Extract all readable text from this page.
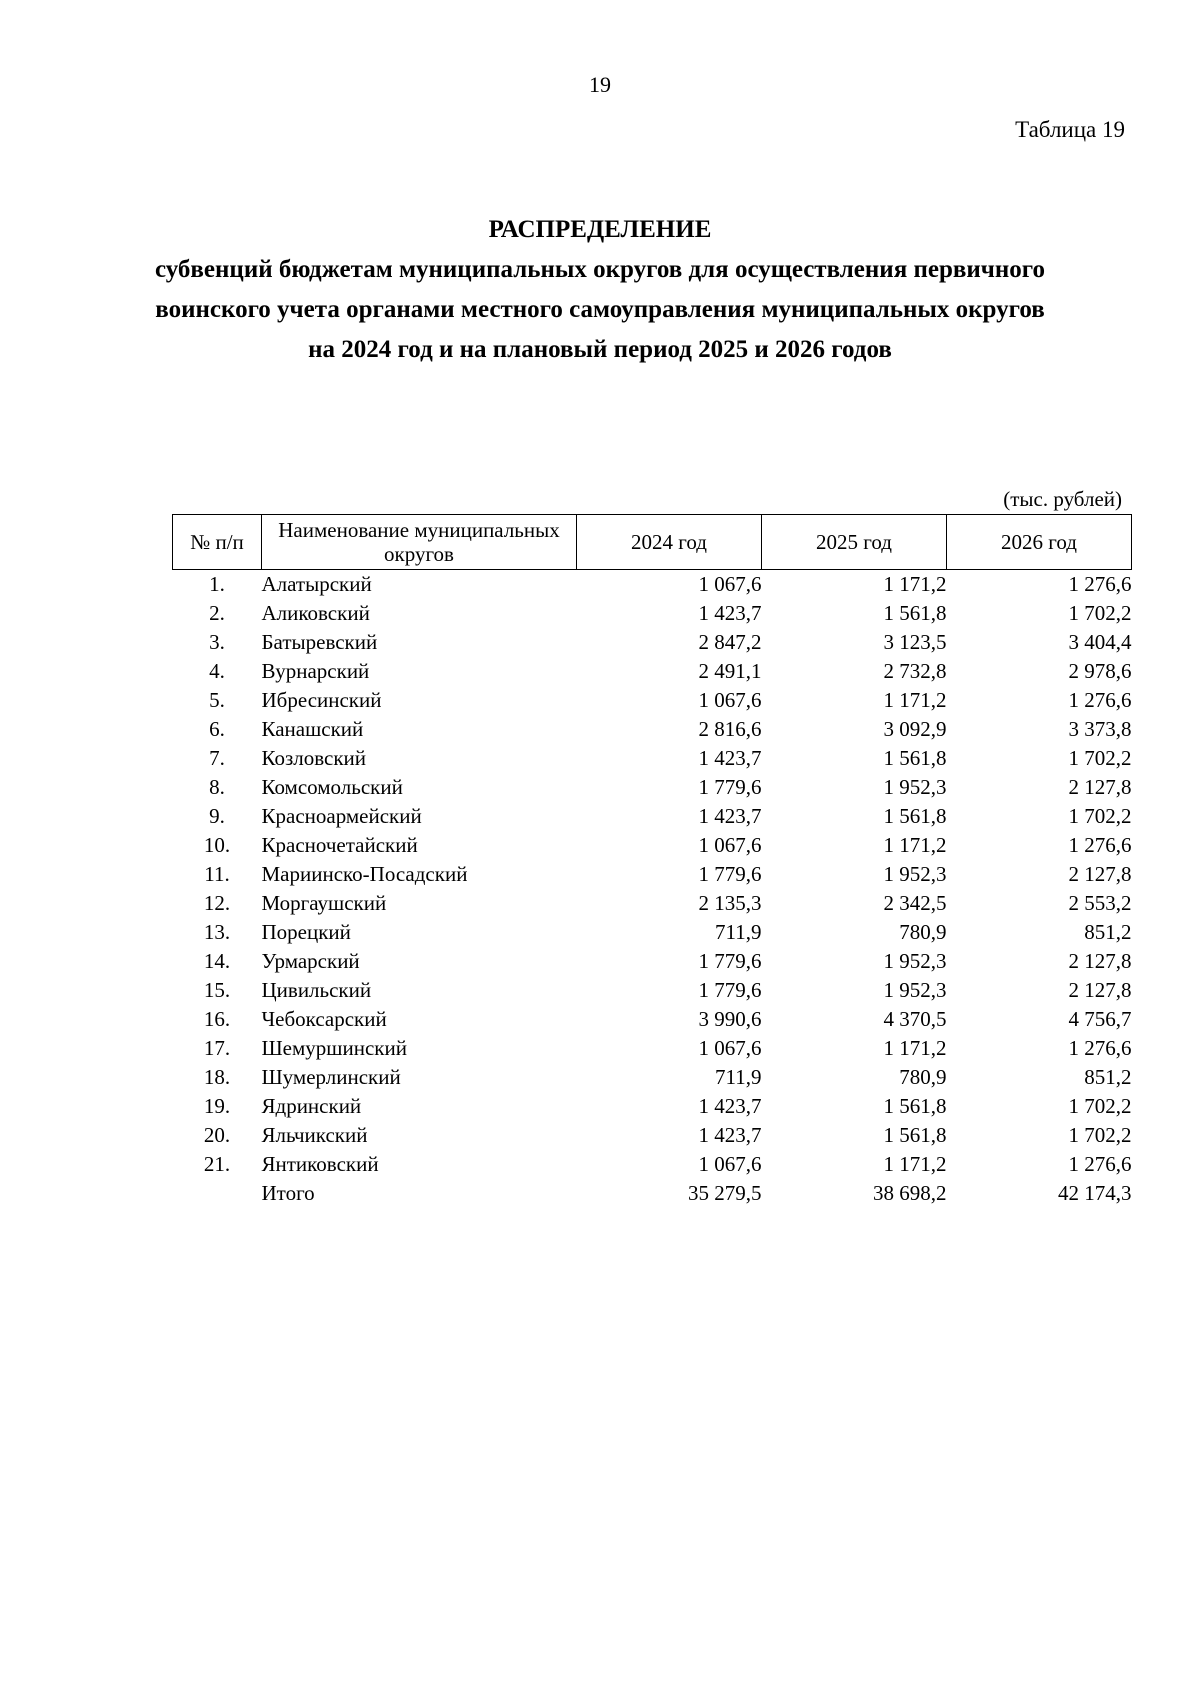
19
Таблица 19
РАСПРЕДЕЛЕНИЕ
субвенций бюджетам муниципальных округов для осуществления первичного воинского учета органами местного самоуправления муниципальных округов на 2024 год и на плановый период 2025 и 2026 годов
(тыс. рублей)
№ п/п	Наименование муниципальных округов	2024 год	2025 год	2026 год
1.	Алатырский	1 067,6	1 171,2	1 276,6
2.	Аликовский	1 423,7	1 561,8	1 702,2
3.	Батыревский	2 847,2	3 123,5	3 404,4
4.	Вурнарский	2 491,1	2 732,8	2 978,6
5.	Ибресинский	1 067,6	1 171,2	1 276,6
6.	Канашский	2 816,6	3 092,9	3 373,8
7.	Козловский	1 423,7	1 561,8	1 702,2
8.	Комсомольский	1 779,6	1 952,3	2 127,8
9.	Красноармейский	1 423,7	1 561,8	1 702,2
10.	Красночетайский	1 067,6	1 171,2	1 276,6
11.	Мариинско-Посадский	1 779,6	1 952,3	2 127,8
12.	Моргаушский	2 135,3	2 342,5	2 553,2
13.	Порецкий	711,9	780,9	851,2
14.	Урмарский	1 779,6	1 952,3	2 127,8
15.	Цивильский	1 779,6	1 952,3	2 127,8
16.	Чебоксарский	3 990,6	4 370,5	4 756,7
17.	Шемуршинский	1 067,6	1 171,2	1 276,6
18.	Шумерлинский	711,9	780,9	851,2
19.	Ядринский	1 423,7	1 561,8	1 702,2
20.	Яльчикский	1 423,7	1 561,8	1 702,2
21.	Янтиковский	1 067,6	1 171,2	1 276,6
	Итого	35 279,5	38 698,2	42 174,3
